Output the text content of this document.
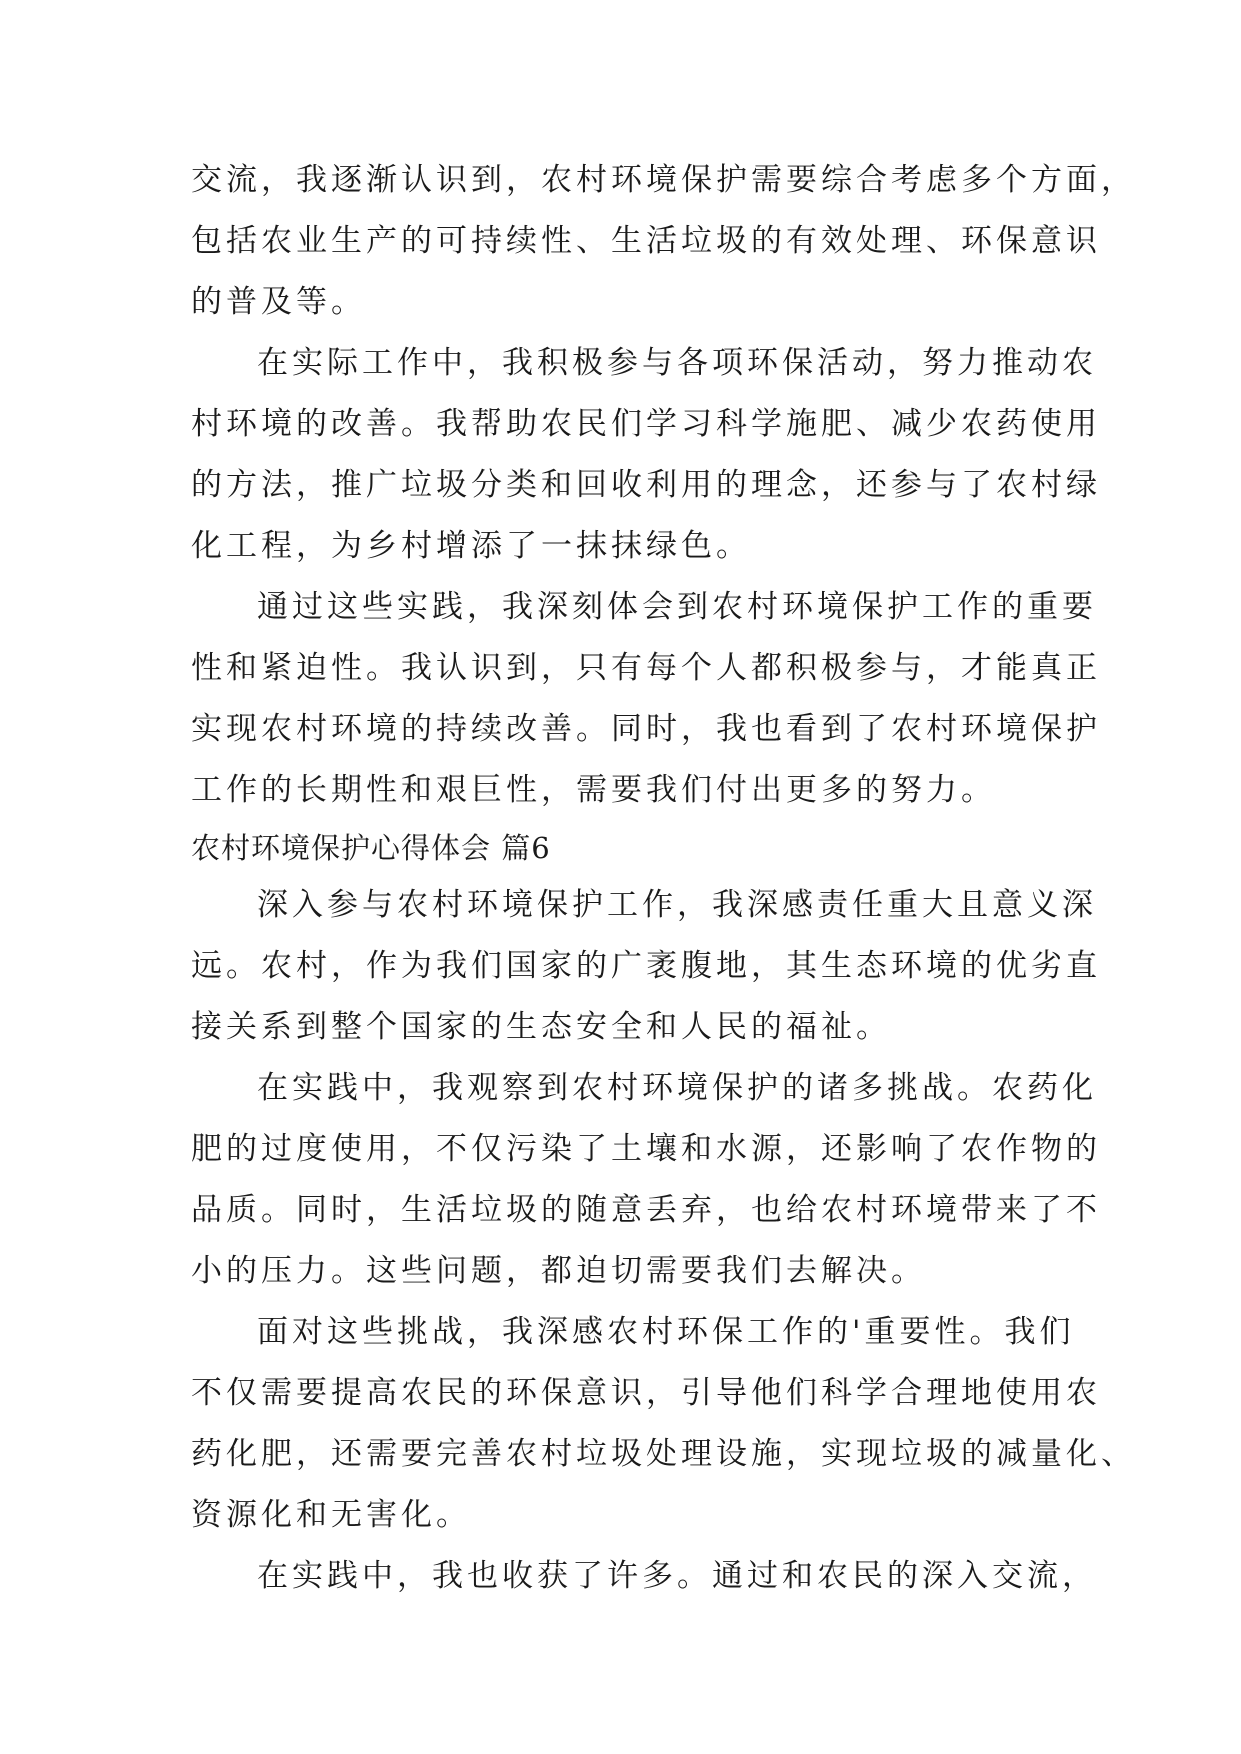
交流，我逐渐认识到，农村环境保护需要综合考虑多个方面，
包括农业生产的可持续性、生活垃圾的有效处理、环保意识
的普及等。
在实际工作中，我积极参与各项环保活动，努力推动农
村环境的改善。我帮助农民们学习科学施肥、减少农药使用
的方法，推广垃圾分类和回收利用的理念，还参与了农村绿
化工程，为乡村增添了一抹抹绿色。
通过这些实践，我深刻体会到农村环境保护工作的重要
性和紧迫性。我认识到，只有每个人都积极参与，才能真正
实现农村环境的持续改善。同时，我也看到了农村环境保护
工作的长期性和艰巨性，需要我们付出更多的努力。
农村环境保护心得体会 篇6
深入参与农村环境保护工作，我深感责任重大且意义深
远。农村，作为我们国家的广袤腹地，其生态环境的优劣直
接关系到整个国家的生态安全和人民的福祉。
在实践中，我观察到农村环境保护的诸多挑战。农药化
肥的过度使用，不仅污染了土壤和水源，还影响了农作物的
品质。同时，生活垃圾的随意丢弃，也给农村环境带来了不
小的压力。这些问题，都迫切需要我们去解决。
面对这些挑战，我深感农村环保工作的'重要性。我们
不仅需要提高农民的环保意识，引导他们科学合理地使用农
药化肥，还需要完善农村垃圾处理设施，实现垃圾的减量化、
资源化和无害化。
在实践中，我也收获了许多。通过和农民的深入交流，
